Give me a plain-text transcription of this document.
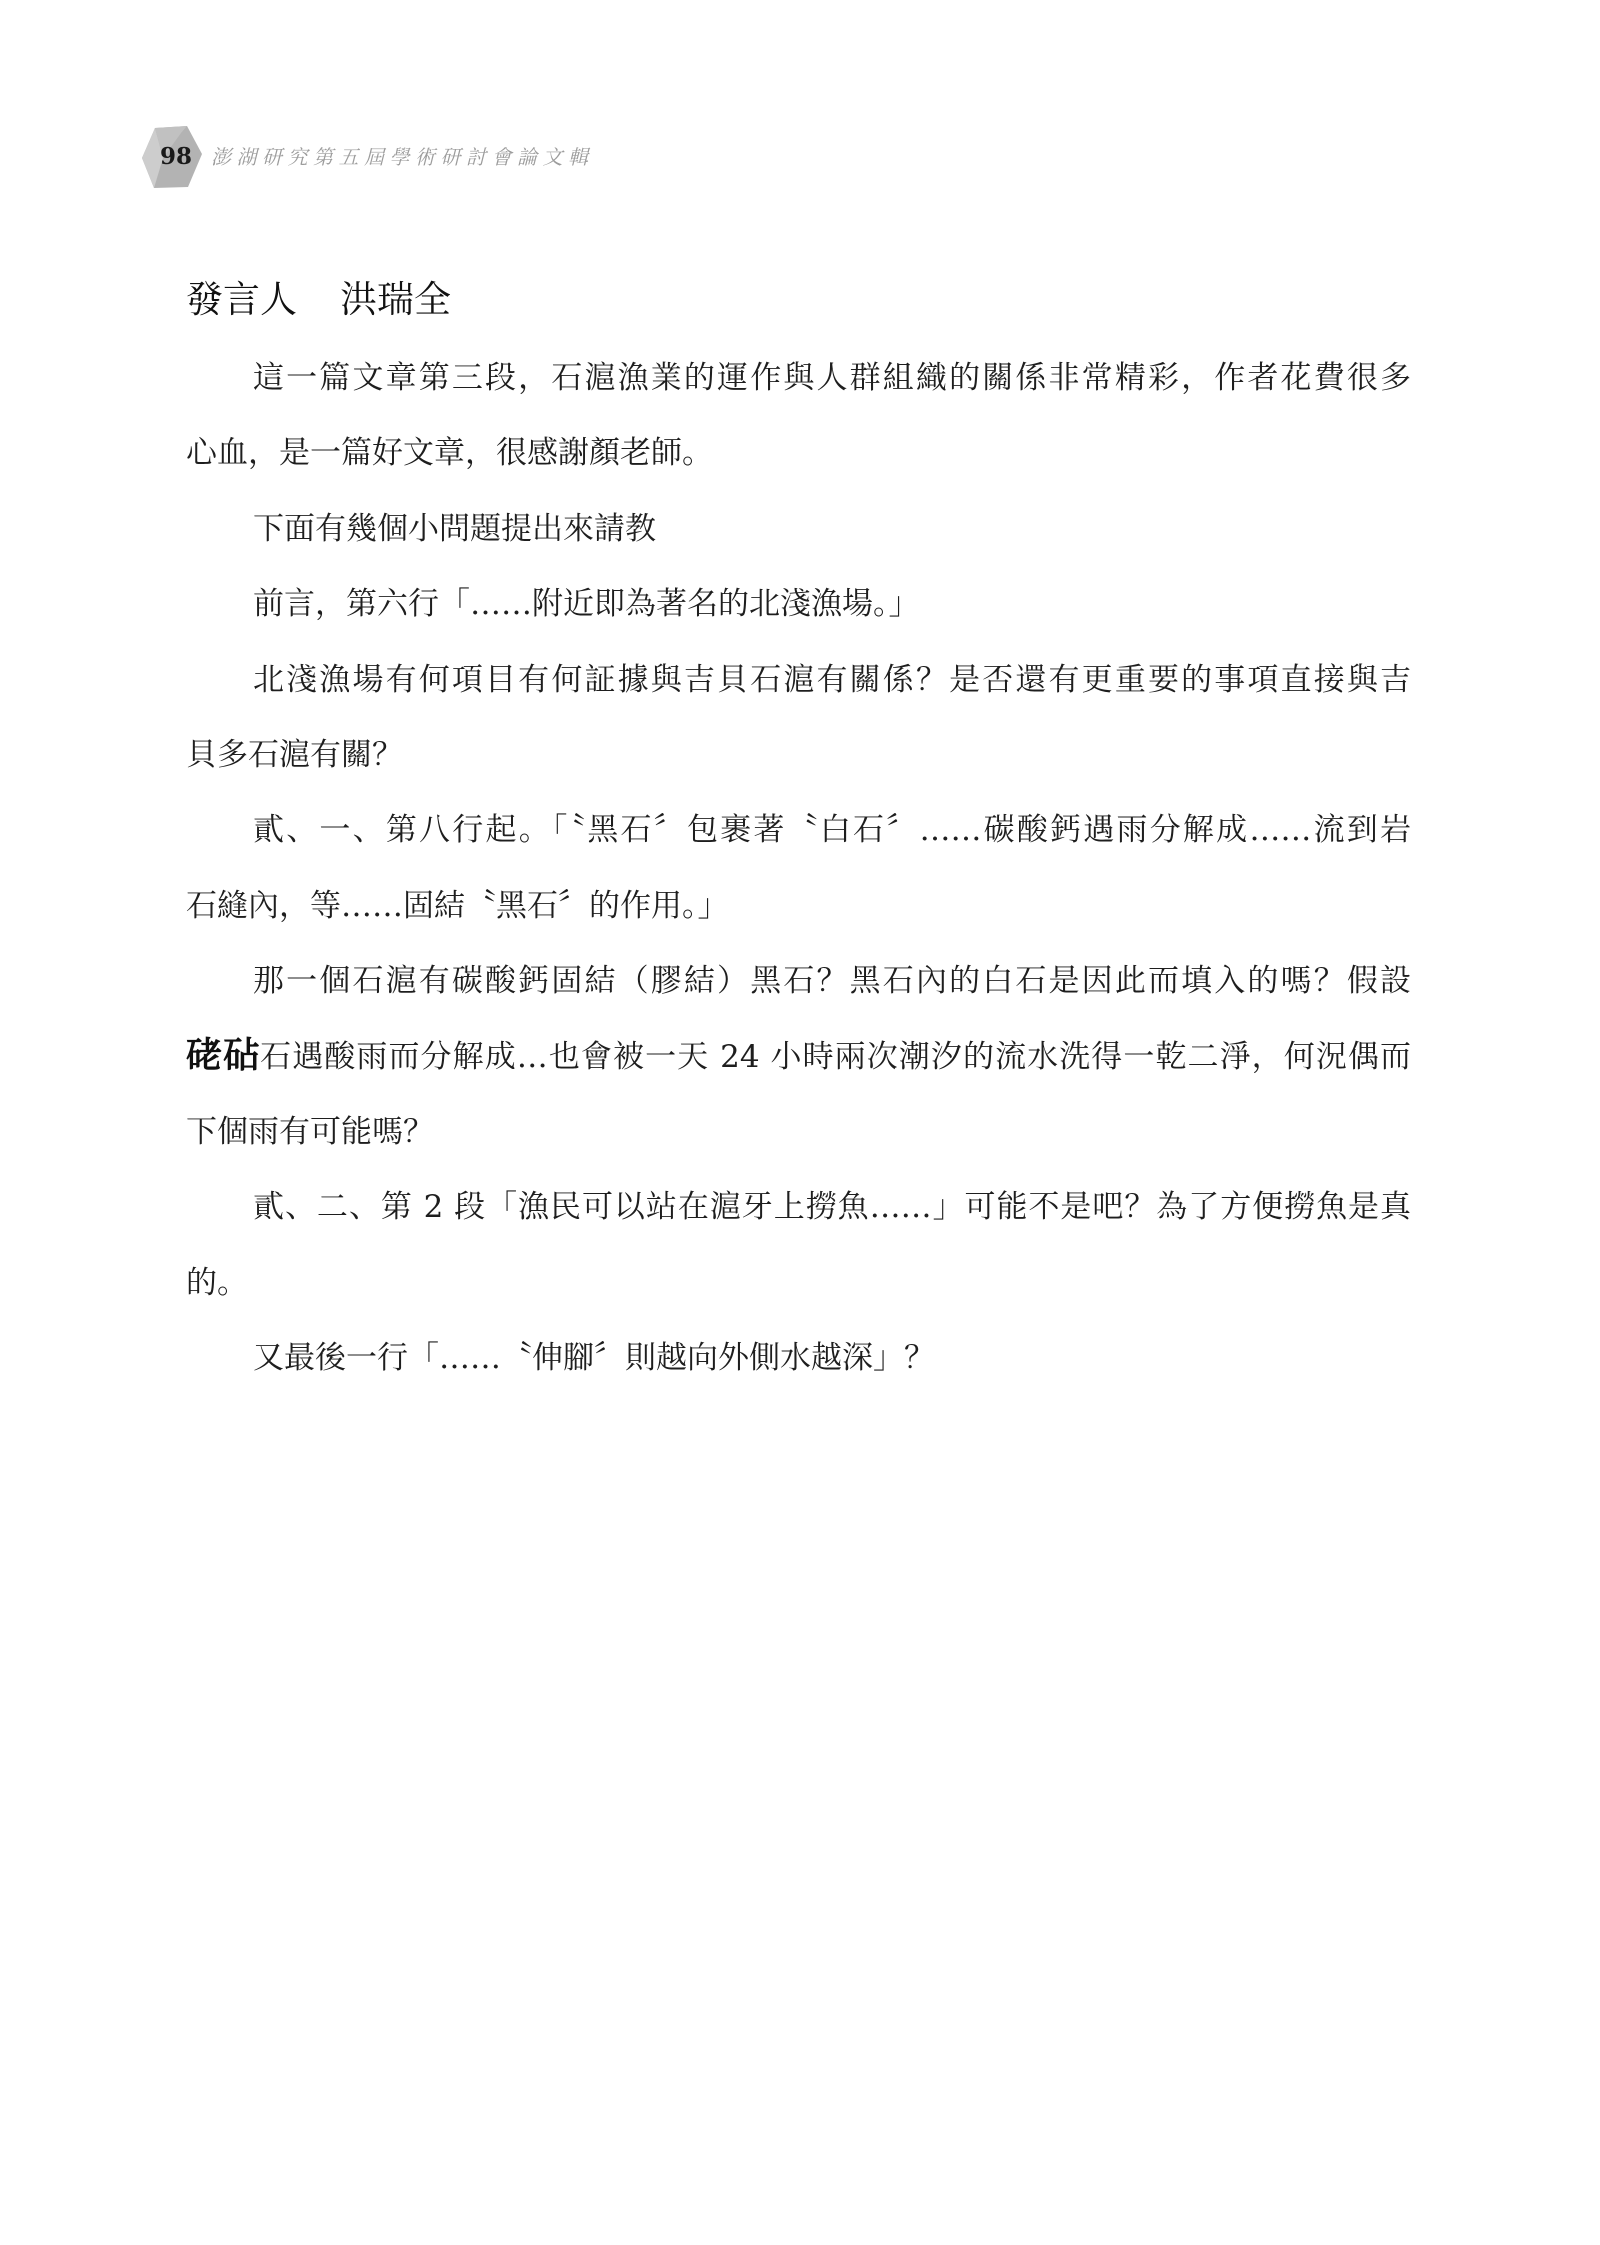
98 澎湖研究第五屆學術研討會論文輯
發言人 洪瑞全
這一篇文章第三段，石滬漁業的運作與人群組織的關係非常精彩，作者花費很多
心血，是一篇好文章，很感謝顏老師。
下面有幾個小問題提出來請教
前言，第六行「……附近即為著名的北淺漁場。」
北淺漁場有何項目有何証據與吉貝石滬有關係？是否還有更重要的事項直接與吉
貝多石滬有關？
貳、一、第八行起。「〝黑石〞包裹著〝白石〞……碳酸鈣遇雨分解成……流到岩
石縫內，等……固結〝黑石〞的作用。」
那一個石滬有碳酸鈣固結（膠結）黑石？黑石內的白石是因此而填入的嗎？假設
硓砧石遇酸雨而分解成…也會被一天 24 小時兩次潮汐的流水洗得一乾二淨，何況偶而
下個雨有可能嗎？
貳、二、第 2 段「漁民可以站在滬牙上撈魚……」可能不是吧？為了方便撈魚是真
的。
又最後一行「……〝伸腳〞則越向外側水越深」？
